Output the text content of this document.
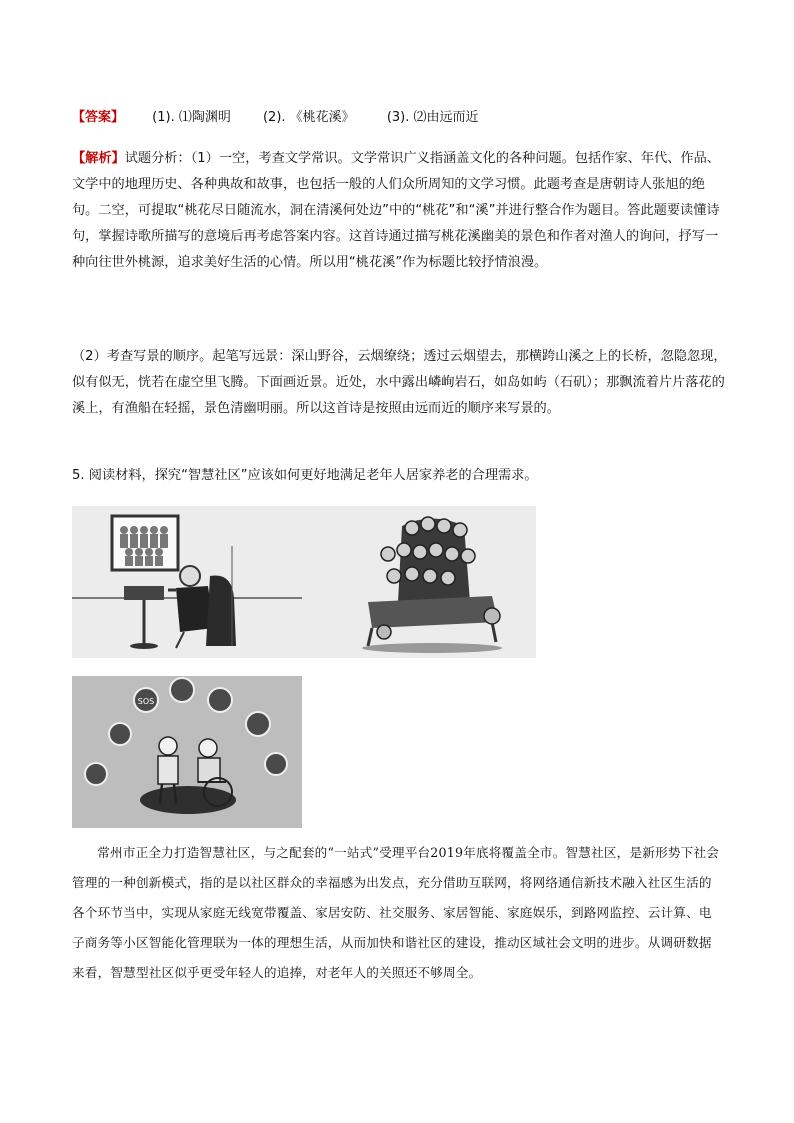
【答案】 (1). ⑴陶渊明 (2). 《桃花溪》 (3). ⑵由远而近
【解析】试题分析：（1）一空，考查文学常识。文学常识广义指涵盖文化的各种问题。包括作家、年代、作品、文学中的地理历史、各种典故和故事，也包括一般的人们众所周知的文学习惯。此题考查是唐朝诗人张旭的绝句。二空，可提取“桃花尽日随流水，洞在清溪何处边”中的“桃花”和“溪”并进行整合作为题目。答此题要读懂诗句，掌握诗歌所描写的意境后再考虑答案内容。这首诗通过描写桃花溪幽美的景色和作者对渔人的询问，抒写一种向往世外桃源，追求美好生活的心情。所以用“桃花溪”作为标题比较抒情浪漫。
（2）考查写景的顺序。起笔写远景：深山野谷，云烟缭绕；透过云烟望去，那横跨山溪之上的长桥，忽隐忽现，似有似无，恍若在虚空里飞腾。下面画近景。近处，水中露出嶙峋岩石，如岛如屿（石矶）；那飘流着片片落花的溪上，有渔船在轻摇，景色清幽明丽。所以这首诗是按照由远而近的顺序来写景的。
5. 阅读材料，探究“智慧社区”应该如何更好地满足老年人居家养老的合理需求。
SOS
常州市正全力打造智慧社区，与之配套的“一站式”受理平台2019年底将覆盖全市。智慧社区，是新形势下社会管理的一种创新模式，指的是以社区群众的幸福感为出发点，充分借助互联网，将网络通信新技术融入社区生活的各个环节当中，实现从家庭无线宽带覆盖、家居安防、社交服务、家居智能、家庭娱乐，到路网监控、云计算、电子商务等小区智能化管理联为一体的理想生活，从而加快和谐社区的建设，推动区域社会文明的进步。从调研数据来看，智慧型社区似乎更受年轻人的追捧，对老年人的关照还不够周全。
